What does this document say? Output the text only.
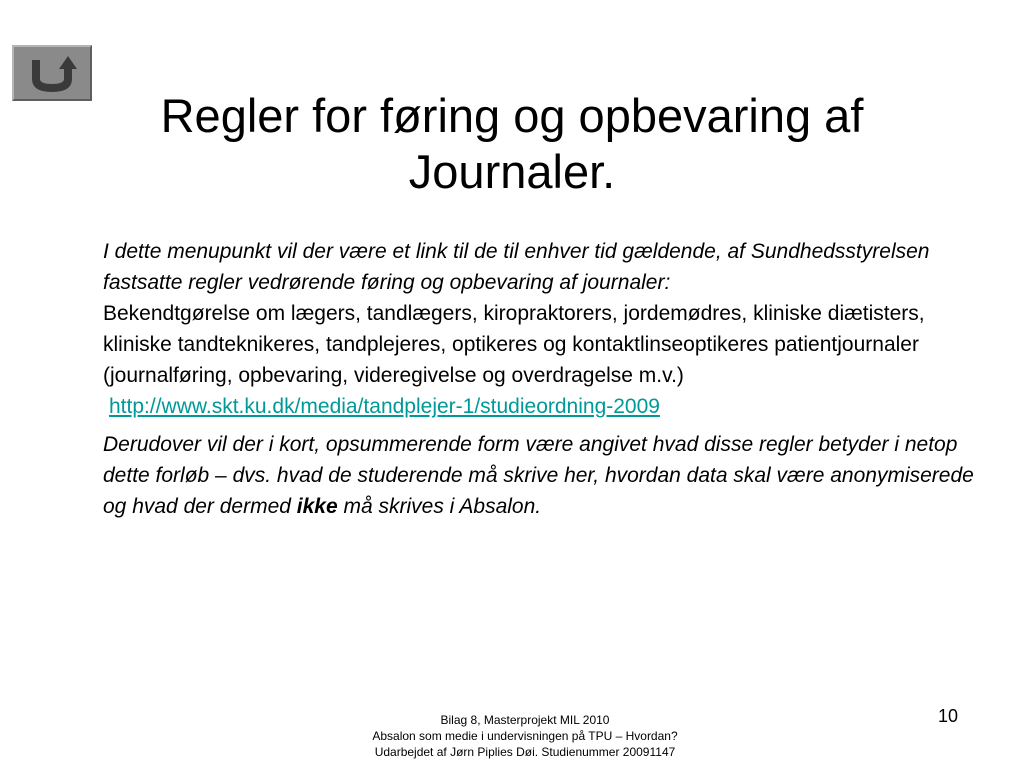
Regler for føring og opbevaring af
Journaler.

I dette menupunkt vil der være et link til de til enhver tid gældende, af Sundhedsstyrelsen fastsatte regler vedrørende føring og opbevaring af journaler:

Bekendtgørelse om lægers, tandlægers, kiropraktorers, jordemødres, kliniske diætisters, kliniske tandteknikeres, tandplejeres, optikeres og kontaktlinseoptikeres patientjournaler (journalføring, opbevaring, videregivelse og overdragelse m.v.)

http://www.skt.ku.dk/media/tandplejer-1/studieordning-2009

Derudover vil der i kort, opsummerende form være angivet hvad disse regler betyder i netop dette forløb – dvs. hvad de studerende må skrive her, hvordan data skal være anonymiserede og hvad der dermed ikke må skrives i Absalon.

Bilag 8, Masterprojekt MIL 2010
Absalon som medie i undervisningen på TPU – Hvordan?
Udarbejdet af Jørn Piplies Døi. Studienummer 20091147
10
